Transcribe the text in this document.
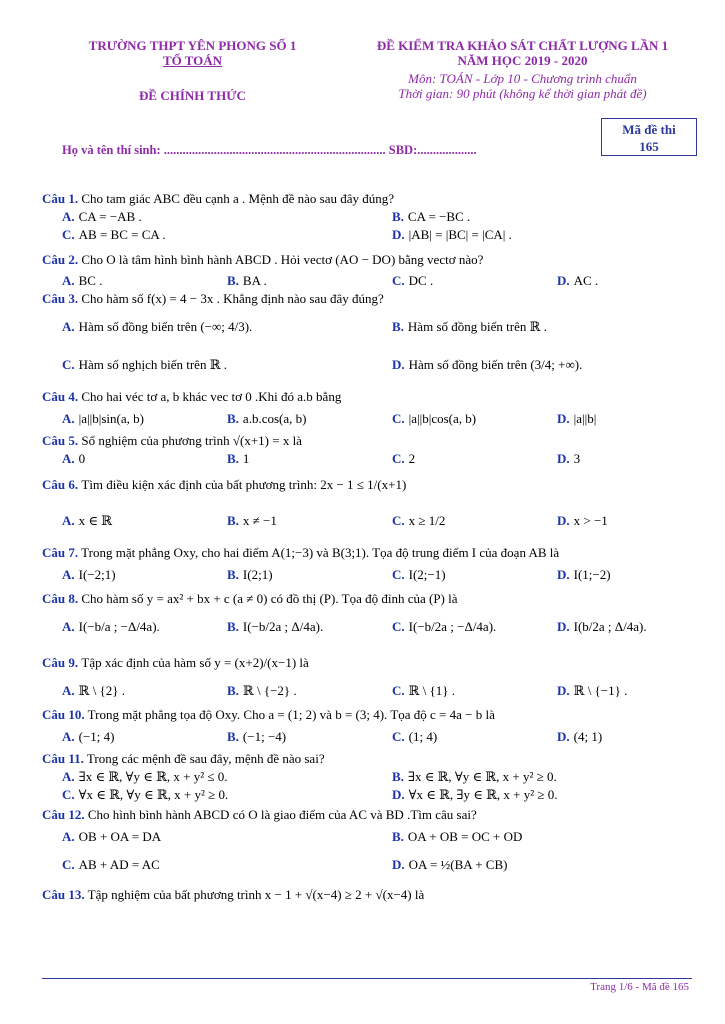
TRƯỜNG THPT YÊN PHONG SỐ 1
TỔ TOÁN
ĐỀ CHÍNH THỨC
ĐỀ KIỂM TRA KHẢO SÁT CHẤT LƯỢNG LẦN 1
NĂM HỌC 2019 - 2020
Môn: TOÁN - Lớp 10 - Chương trình chuẩn
Thời gian: 90 phút (không kể thời gian phát đề)
Họ và tên thí sinh: ....................................................................... SBD:...................
Mã đề thi
165
Câu 1. Cho tam giác ABC đều cạnh a . Mệnh đề nào sau đây đúng?
A. CA = −AB .	B. CA = −BC .
C. AB = BC = CA .	D. |AB| = |BC| = |CA| .
Câu 2. Cho O là tâm hình bình hành ABCD . Hỏi vectơ (AO − DO) bằng vectơ nào?
A. BC .	B. BA .	C. DC .	D. AC .
Câu 3. Cho hàm số f(x) = 4 − 3x . Khẳng định nào sau đây đúng?
A. Hàm số đồng biến trên (−∞; 4/3).	B. Hàm số đồng biến trên ℝ .
C. Hàm số nghịch biến trên ℝ .	D. Hàm số đồng biến trên (3/4; +∞).
Câu 4. Cho hai véc tơ a, b khác vec tơ 0 .Khi đó a.b bằng
A. |a||b|sin(a, b)	B. a.b.cos(a, b)	C. |a||b|cos(a, b)	D. |a||b|
Câu 5. Số nghiệm của phương trình √(x+1) = x là
A. 0	B. 1	C. 2	D. 3
Câu 6.
Tìm điều kiện xác định của bất phương trình: 2x − 1 ≤ 1/(x+1)
A. x ∈ ℝ	B. x ≠ −1	C. x ≥ 1/2	D. x > −1
Câu 7. Trong mặt phẳng Oxy, cho hai điểm A(1;−3) và B(3;1). Tọa độ trung điểm I của đoạn AB là
A. I(−2;1)	B. I(2;1)	C. I(2;−1)	D. I(1;−2)
Câu 8. Cho hàm số y = ax² + bx + c (a ≠ 0) có đồ thị (P). Tọa độ đỉnh của (P) là
A. I(−b/a ; −Δ/4a).	B. I(−b/2a ; Δ/4a).	C. I(−b/2a ; −Δ/4a).	D. I(b/2a ; Δ/4a).
Câu 9.
Tập xác định của hàm số y = (x+2)/(x−1) là
A. ℝ \ {2} .	B. ℝ \ {−2} .	C. ℝ \ {1} .	D. ℝ \ {−1} .
Câu 10. Trong mặt phẳng tọa độ Oxy. Cho a = (1; 2) và b = (3; 4). Tọa độ c = 4a − b là
A. (−1; 4)	B. (−1; −4)	C. (1; 4)	D. (4; 1)
Câu 11. Trong các mệnh đề sau đây, mệnh đề nào sai?
A. ∃x ∈ ℝ, ∀y ∈ ℝ, x + y² ≤ 0.	B. ∃x ∈ ℝ, ∀y ∈ ℝ, x + y² ≥ 0.
C. ∀x ∈ ℝ, ∀y ∈ ℝ, x + y² ≥ 0.	D. ∀x ∈ ℝ, ∃y ∈ ℝ, x + y² ≥ 0.
Câu 12. Cho hình bình hành ABCD có O là giao điểm của AC và BD .Tìm câu sai?
A. OB + OA = DA	B. OA + OB = OC + OD
C. AB + AD = AC	D. OA = ½(BA + CB)
Câu 13. Tập nghiệm của bất phương trình x − 1 + √(x−4) ≥ 2 + √(x−4) là
Trang 1/6 - Mã đề 165
